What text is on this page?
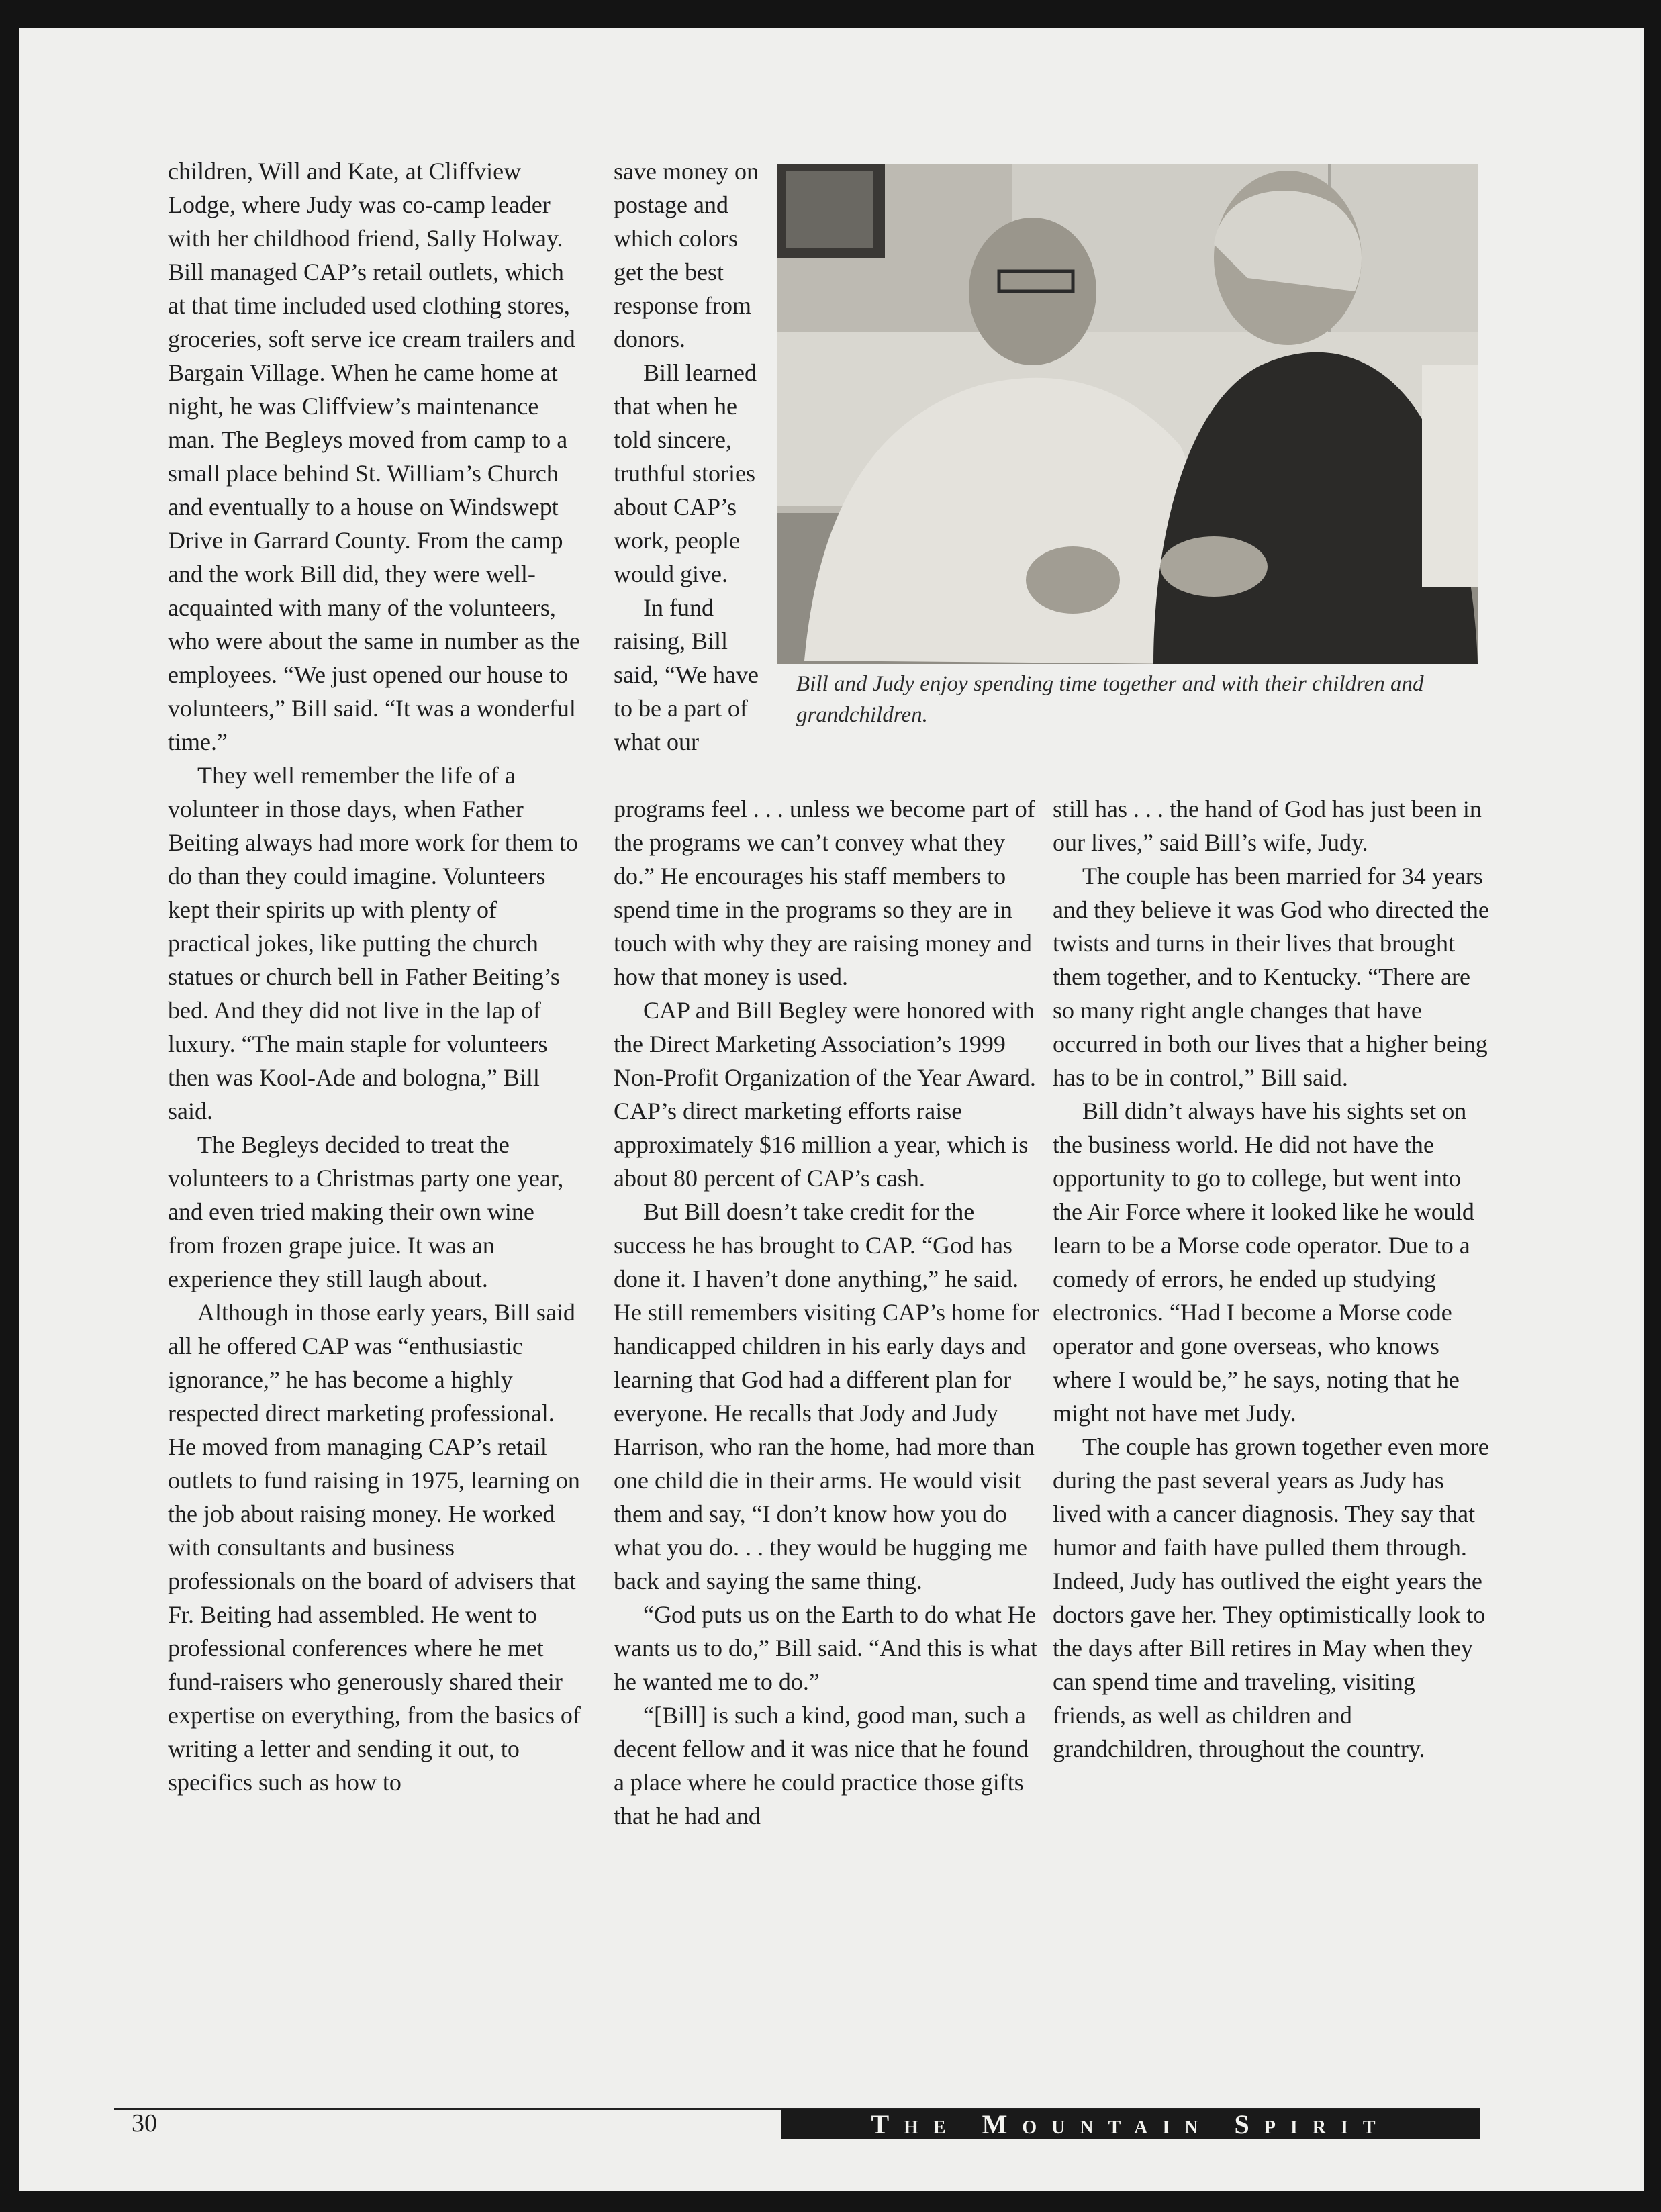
children, Will and Kate, at Cliffview Lodge, where Judy was co-camp leader with her childhood friend, Sally Holway. Bill managed CAP’s retail outlets, which at that time included used clothing stores, groceries, soft serve ice cream trailers and Bargain Village. When he came home at night, he was Cliffview’s maintenance man. The Begleys moved from camp to a small place behind St. William’s Church and eventually to a house on Windswept Drive in Garrard County. From the camp and the work Bill did, they were well-acquainted with many of the volunteers, who were about the same in number as the employees. “We just opened our house to volunteers,” Bill said. “It was a wonderful time.”

They well remember the life of a volunteer in those days, when Father Beiting always had more work for them to do than they could imagine. Volunteers kept their spirits up with plenty of practical jokes, like putting the church statues or church bell in Father Beiting’s bed. And they did not live in the lap of luxury. “The main staple for volunteers then was Kool-Ade and bologna,” Bill said.

The Begleys decided to treat the volunteers to a Christmas party one year, and even tried making their own wine from frozen grape juice. It was an experience they still laugh about.

Although in those early years, Bill said all he offered CAP was “enthusiastic ignorance,” he has become a highly respected direct marketing professional. He moved from managing CAP’s retail outlets to fund raising in 1975, learning on the job about raising money. He worked with consultants and business professionals on the board of advisers that Fr. Beiting had assembled. He went to professional conferences where he met fund-raisers who generously shared their expertise on everything, from the basics of writing a letter and sending it out, to specifics such as how to

save money on postage and which colors get the best response from donors.

Bill learned that when he told sincere, truthful stories about CAP’s work, people would give.

In fund raising, Bill said, “We have to be a part of what our

Bill and Judy enjoy spending time together and with their children and grandchildren.

programs feel . . . unless we become part of the programs we can’t convey what they do.” He encourages his staff members to spend time in the programs so they are in touch with why they are raising money and how that money is used.

CAP and Bill Begley were honored with the Direct Marketing Association’s 1999 Non-Profit Organization of the Year Award. CAP’s direct marketing efforts raise approximately $16 million a year, which is about 80 percent of CAP’s cash.

But Bill doesn’t take credit for the success he has brought to CAP. “God has done it. I haven’t done anything,” he said. He still remembers visiting CAP’s home for handicapped children in his early days and learning that God had a different plan for everyone. He recalls that Jody and Judy Harrison, who ran the home, had more than one child die in their arms. He would visit them and say, “I don’t know how you do what you do. . . they would be hugging me back and saying the same thing.

“God puts us on the Earth to do what He wants us to do,” Bill said. “And this is what he wanted me to do.”

“[Bill] is such a kind, good man, such a decent fellow and it was nice that he found a place where he could practice those gifts that he had and

still has . . . the hand of God has just been in our lives,” said Bill’s wife, Judy.

The couple has been married for 34 years and they believe it was God who directed the twists and turns in their lives that brought them together, and to Kentucky. “There are so many right angle changes that have occurred in both our lives that a higher being has to be in control,” Bill said.

Bill didn’t always have his sights set on the business world. He did not have the opportunity to go to college, but went into the Air Force where it looked like he would learn to be a Morse code operator. Due to a comedy of errors, he ended up studying electronics. “Had I become a Morse code operator and gone overseas, who knows where I would be,” he says, noting that he might not have met Judy.

The couple has grown together even more during the past several years as Judy has lived with a cancer diagnosis. They say that humor and faith have pulled them through. Indeed, Judy has outlived the eight years the doctors gave her. They optimistically look to the days after Bill retires in May when they can spend time and traveling, visiting friends, as well as children and grandchildren, throughout the country.

30	The Mountain Spirit
